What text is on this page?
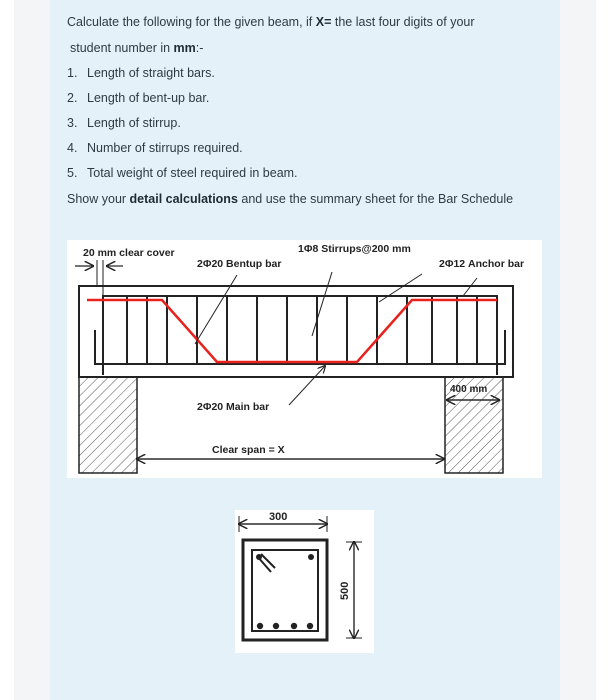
Calculate the following for the given beam, if X= the last four digits of your
student number in mm:-
1. Length of straight bars.
2. Length of bent-up bar.
3. Length of stirrup.
4. Number of stirrups required.
5. Total weight of steel required in beam.
Show your detail calculations and use the summary sheet for the Bar Schedule
20 mm clear cover
2Φ20 Bentup bar
1Φ8 Stirrups@200 mm
2Φ12 Anchor bar
400 mm
2Φ20 Main bar
Clear span = X
300
500
